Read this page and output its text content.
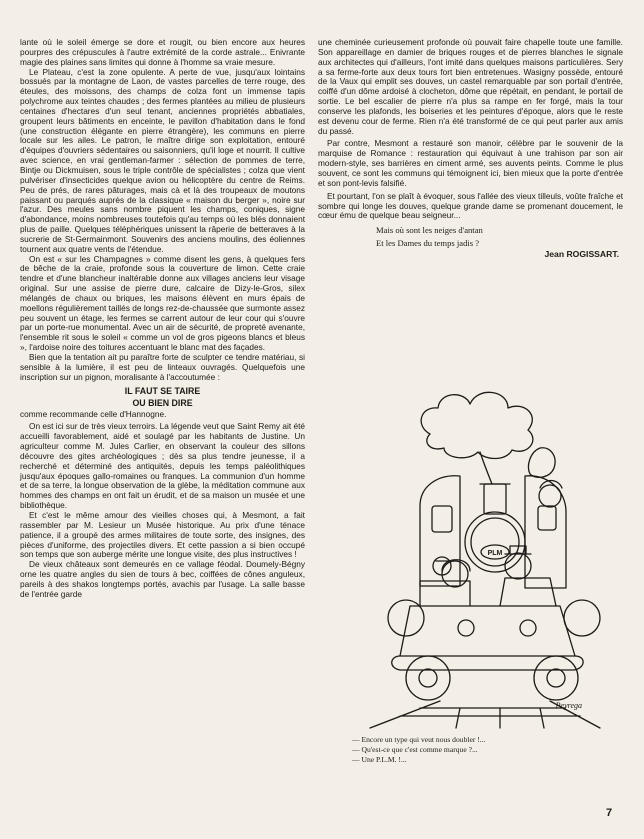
lante où le soleil émerge se dore et rougit, ou bien encore aux heures pourpres des crépuscules à l'autre extrémité de la corde astrale... Enivrante magie des plaines sans limites qui donne à l'homme sa vraie mesure.

Le Plateau, c'est la zone opulente. A perte de vue, jusqu'aux lointains bossués par la montagne de Laon, de vastes parcelles de terre rouge, des éteules, des moissons, des champs de colza font un immense tapis polychrome aux teintes chaudes ; des fermes plantées au milieu de plusieurs centaines d'hectares d'un seul tenant, anciennes propriétés abbatiales, groupent leurs bâtiments en enceinte, le pavillon d'habitation dans le fond (une construction élégante en pierre étrangère), les communs en pierre locale sur les ailes. Le patron, le maître dirige son exploitation, entouré d'équipes d'ouvriers sédentaires ou saisonniers, qu'il loge et nourrit. Il cultive avec science, en vrai gentleman-farmer : sélection de pommes de terre, Bintje ou Dickmuisen, sous le triple contrôle de spécialistes ; colza que vient pulvériser d'insecticides quelque avion ou hélicoptère du centre de Reims. Peu de prés, de rares pâturages, mais cà et là des troupeaux de moutons paissant ou parqués auprès de la classique « maison du berger », noire sur l'azur. Des meules sans nombre piquent les champs, coniques, signe d'abondance, moins nombreuses toutefois qu'au temps où les blés donnaient plus de paille. Quelques téléphériques unissent la râperie de betteraves à la sucrerie de St-Germainmont. Souvenirs des anciens moulins, des éoliennes tournent aux quatre vents de l'étendue.

On est « sur les Champagnes » comme disent les gens, à quelques fers de bêche de la craie, profonde sous la couverture de limon. Cette craie tendre et d'une blancheur inaltérable donne aux villages anciens leur visage original. Sur une assise de pierre dure, calcaire de Dizy-le-Gros, silex mélangés de chaux ou briques, les maisons élèvent en murs épais de moellons régulièrement taillés de longs rez-de-chaussée que surmonte assez peu souvent un étage, les fermes se carrent autour de leur cour qui s'ouvre par un porte-rue monumental. Avec un air de sécurité, de propreté avenante, l'ensemble rit sous le soleil « comme un vol de gros pigeons blancs et bleus », l'ardoise noire des toitures accentuant le blanc mat des façades.

Bien que la tentation ait pu paraître forte de sculpter ce tendre matériau, si sensible à la lumière, il est peu de linteaux ouvragés. Quelquefois une inscription sur un pignon, moralisante à l'accoutumée :

IL FAUT SE TAIRE
OU BIEN DIRE

comme recommande celle d'Hannogne.

On est ici sur de très vieux terroirs. La légende veut que Saint Remy ait été accueilli favorablement, aidé et soulagé par les habitants de Justine. Un agriculteur comme M. Jules Carlier, en observant la couleur des sillons découvre des gites archéologiques ; dès sa plus tendre jeunesse, il a recherché et déterminé des antiquités, depuis les temps paléolithiques jusqu'aux époques gallo-romaines ou franques. La communion d'un homme et de sa terre, la longue observation de la glèbe, la méditation commune aux hommes des champs en ont fait un érudit, et de sa maison un musée et une bibliothèque.

Et c'est le même amour des vieilles choses qui, à Mesmont, a fait rassembler par M. Lesieur un Musée historique. Au prix d'une ténace patience, il a groupé des armes militaires de toute sorte, des insignes, des pièces d'uniforme, des projectiles divers. Et cette passion a si bien occupé son temps que son auberge mérite une longue visite, des plus instructives !

De vieux châteaux sont demeurés en ce vallage féodal. Doumely-Bégny orne les quatre angles du sien de tours à bec, coiffées de cônes anguleux, pareils à des shakos longtemps portés, avachis par l'usage. La salle basse de l'entrée garde

une cheminée curieusement profonde où pouvait faire chapelle toute une famille. Son appareillage en damier de briques rouges et de pierres blanches le signale aux architectes qui d'ailleurs, l'ont imité dans quelques maisons particulières. Sery a sa ferme-forte aux deux tours fort bien entretenues. Wasigny possède, entouré de la Vaux qui emplit ses douves, un castel remarquable par son portail d'entrée, coiffé d'un dôme ardoisé à clocheton, dôme que répétait, en pendant, le portail de sortie. Le bel escalier de pierre n'a plus sa rampe en fer forgé, mais la tour conserve les plafonds, les boiseries et les peintures d'époque, alors que le reste est devenu cour de ferme. Rien n'a été transformé de ce qui peut parler aux amis du passé.

Par contre, Mesmont a restauré son manoir, célèbre par le souvenir de la marquise de Romance : restauration qui équivaut à une trahison par son air modern-style, ses barrières en ciment armé, ses auvents peints. Comme le plus souvent, ce sont les communs qui témoignent ici, bien mieux que la porte d'entrée et son pont-levis falsifié.

Et pourtant, l'on se plaît à évoquer, sous l'allée des vieux tilleuls, voûte fraîche et sombre qui longe les douves, quelque grande dame se promenant doucement, le cœur ému de quelque beau seigneur...

Mais où sont les neiges d'antan
Et les Dames du temps jadis ?
Jean ROGISSART.
PLM
Peyrega
— Encore un type qui veut nous doubler !...
— Qu'est-ce que c'est comme marque ?...
— Une P.L.M. !...
7
